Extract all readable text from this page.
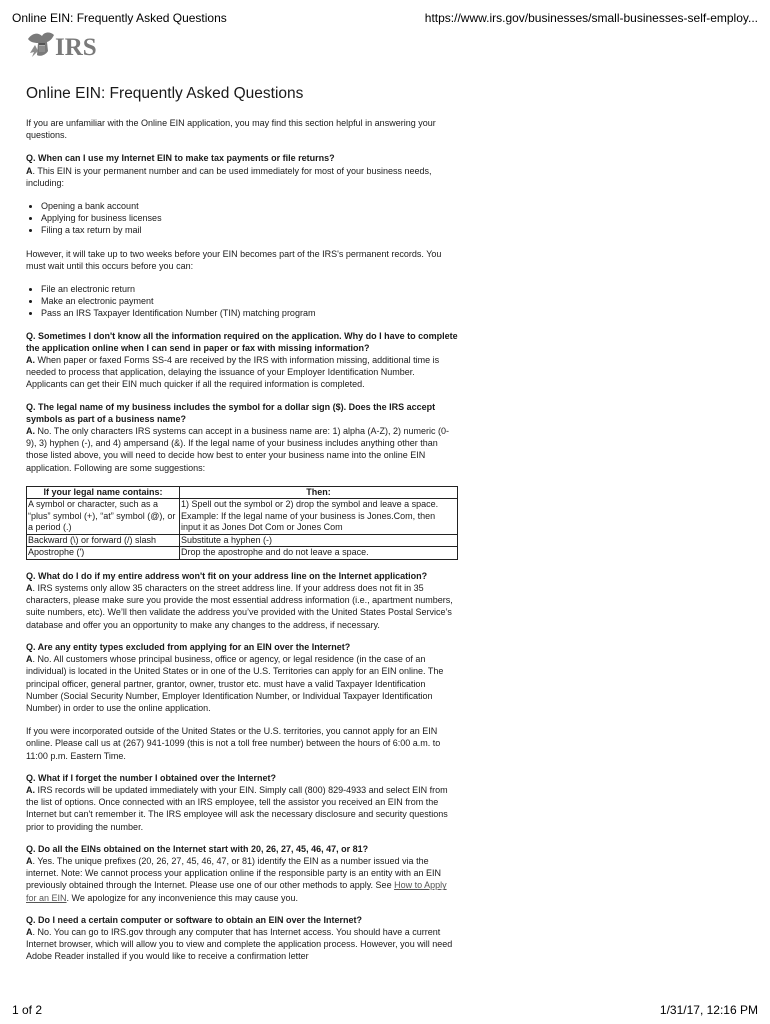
Online EIN: Frequently Asked Questions	https://www.irs.gov/businesses/small-businesses-self-employ...
IRS
Online EIN: Frequently Asked Questions

If you are unfamiliar with the Online EIN application, you may find this section helpful in answering your questions.

Q. When can I use my Internet EIN to make tax payments or file returns?

A. This EIN is your permanent number and can be used immediately for most of your business needs, including:

• Opening a bank account
• Applying for business licenses
• Filing a tax return by mail

However, it will take up to two weeks before your EIN becomes part of the IRS's permanent records. You must wait until this occurs before you can:

• File an electronic return
• Make an electronic payment
• Pass an IRS Taxpayer Identification Number (TIN) matching program

Q. Sometimes I don't know all the information required on the application. Why do I have to complete the application online when I can send in paper or fax with missing information?

A. When paper or faxed Forms SS-4 are received by the IRS with information missing, additional time is needed to process that application, delaying the issuance of your Employer Identification Number. Applicants can get their EIN much quicker if all the required information is completed.

Q. The legal name of my business includes the symbol for a dollar sign ($). Does the IRS accept symbols as part of a business name?

A. No. The only characters IRS systems can accept in a business name are: 1) alpha (A-Z), 2) numeric (0-9), 3) hyphen (-), and 4) ampersand (&). If the legal name of your business includes anything other than those listed above, you will need to decide how best to enter your business name into the online EIN application. Following are some suggestions:

If your legal name contains:	Then:
A symbol or character, such as a “plus” symbol (+), “at” symbol (@), or a period (.)	1) Spell out the symbol or 2) drop the symbol and leave a space. Example: If the legal name of your business is Jones.Com, then input it as Jones Dot Com or Jones Com
Backward (\) or forward (/) slash	Substitute a hyphen (-)
Apostrophe (')	Drop the apostrophe and do not leave a space.

Q. What do I do if my entire address won't fit on your address line on the Internet application?

A. IRS systems only allow 35 characters on the street address line. If your address does not fit in 35 characters, please make sure you provide the most essential address information (i.e., apartment numbers, suite numbers, etc). We’ll then validate the address you’ve provided with the United States Postal Service’s database and offer you an opportunity to make any changes to the address, if necessary.

Q. Are any entity types excluded from applying for an EIN over the Internet?

A. No. All customers whose principal business, office or agency, or legal residence (in the case of an individual) is located in the United States or in one of the U.S. Territories can apply for an EIN online. The principal officer, general partner, grantor, owner, trustor etc. must have a valid Taxpayer Identification Number (Social Security Number, Employer Identification Number, or Individual Taxpayer Identification Number) in order to use the online application.

If you were incorporated outside of the United States or the U.S. territories, you cannot apply for an EIN online. Please call us at (267) 941-1099 (this is not a toll free number) between the hours of 6:00 a.m. to 11:00 p.m. Eastern Time.

Q. What if I forget the number I obtained over the Internet?

A. IRS records will be updated immediately with your EIN. Simply call (800) 829-4933 and select EIN from the list of options. Once connected with an IRS employee, tell the assistor you received an EIN from the Internet but can't remember it. The IRS employee will ask the necessary disclosure and security questions prior to providing the number.

Q. Do all the EINs obtained on the Internet start with 20, 26, 27, 45, 46, 47, or 81?

A. Yes. The unique prefixes (20, 26, 27, 45, 46, 47, or 81) identify the EIN as a number issued via the internet. Note: We cannot process your application online if the responsible party is an entity with an EIN previously obtained through the Internet. Please use one of our other methods to apply. See How to Apply for an EIN. We apologize for any inconvenience this may cause you.

Q. Do I need a certain computer or software to obtain an EIN over the Internet?

A. No. You can go to IRS.gov through any computer that has Internet access. You should have a current Internet browser, which will allow you to view and complete the application process. However, you will need Adobe Reader installed if you would like to receive a confirmation letter

1 of 2	1/31/17, 12:16 PM
